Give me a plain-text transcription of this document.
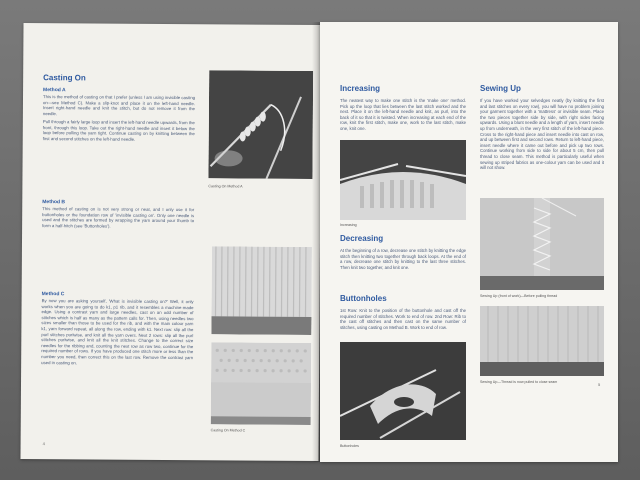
Casting On
Method A
This is the method of casting on that I prefer (unless I am using invisible casting on—see Method C). Make a slip-knot and place it on the left-hand needle. Insert right-hand needle and knit the stitch, but do not remove it from the needle.
Pull through a fairly large loop and insert the left-hand needle upwards, from the front, through this loop. Take out the right-hand needle and insert it below the loop before pulling the yarn tight. Continue casting on by knitting between the first and second stitches on the left-hand needle.
Casting On Method A
Method B
This method of casting on is not very strong or neat, and I only use it for buttonholes or the foundation row of 'invisible casting on'. Only one needle is used and the stitches are formed by wrapping the yarn around your thumb to form a half-hitch (see 'Buttonholes').
Method C
By now you are asking yourself, 'What is invisible casting on?' Well, it only works when you are going to do k1, p1 rib, and it resembles a machine-made edge. Using a contrast yarn and large needles, cast on an odd number of stitches which is half as many as the pattern calls for. Then, using needles two sizes smaller than those to be used for the rib, and with the main colour yarn k1, yarn forward repeat, all along the row, ending with k1. Next row: slip all the purl stitches purlwise, and knit all the yarn overs. Next 2 rows: slip all the purl stitches purlwise, and knit all the knit stitches. Change to the correct size needles for the ribbing and, counting the next row as row two, continue for the required number of rows. If you have produced one stitch more or less than the number you need, then correct this on the last row. Remove the contrast yarn used in casting on.
Casting On Method C
4
Increasing
The neatest way to make one stitch is the 'make one' method. Pick up the loop that lies between the last stitch worked and the next. Place it on the left-hand needle and knit, as purl, into the back of it so that it is twisted. When increasing at each end of the row, knit the first stitch, make one, work to the last stitch, make one, knit one.
Increasing
Decreasing
At the beginning of a row, decrease one stitch by knitting the edge stitch then knitting two together through back loops. At the end of a row, decrease one stitch by knitting to the last three stitches. Then knit two together, and knit one.
Buttonholes
1st Row: Knit to the position of the buttonhole and cast off the required number of stitches. Work to end of row. 2nd Row: Rib to the cast off stitches and then cast on the same number of stitches, using casting on Method B. Work to end of row.
Buttonholes
Sewing Up
If you have worked your selvedges neatly (by knitting the first and last stitches on every row), you will have no problem joining your garment together with a 'mattress' or invisible seam. Place the two pieces together side by side, with right sides facing upwards. Using a blunt needle and a length of yarn, insert needle up from underneath, in the very first stitch of the left-hand piece. Cross to the right-hand piece and insert needle into cast on row, and up between first and second rows. Return to left-hand piece, insert needle where it came out before and pick up two rows. Continue working from side to side for about 5 cm, then pull thread to close seam. This method is particularly useful when sewing up striped fabrics as one-colour yarn can be used and it will not show.
Sewing Up (front of work)—Before pulling thread
Sewing Up—Thread is now pulled to close seam	5
